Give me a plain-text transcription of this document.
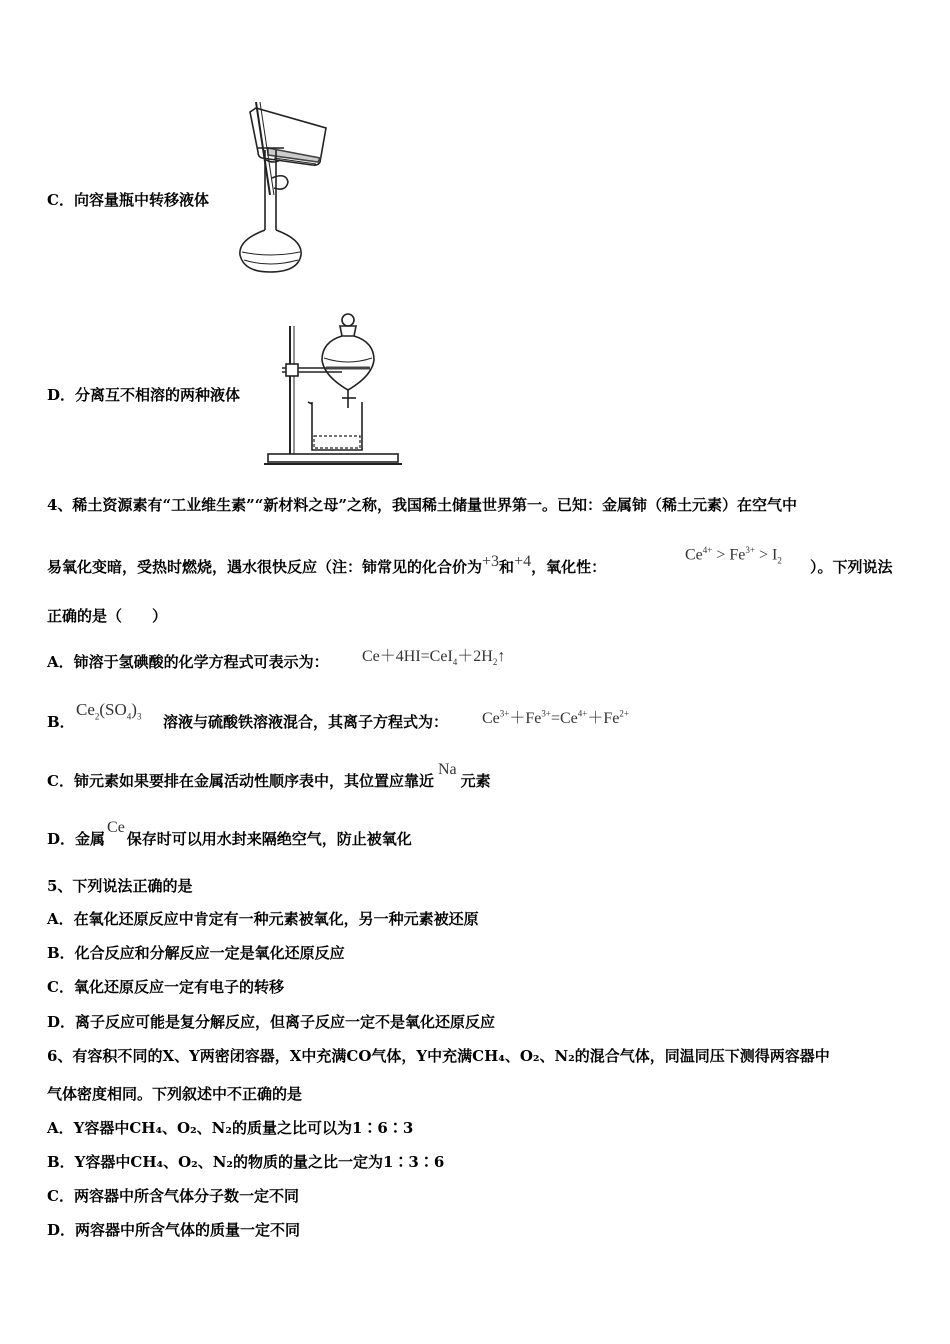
C．向容量瓶中转移液体
D．分离互不相溶的两种液体
4、稀土资源素有“工业维生素”“新材料之母”之称，我国稀土储量世界第一。已知：金属铈（稀土元素）在空气中
易氧化变暗，受热时燃烧，遇水很快反应（注：铈常见的化合价为+3和+4，氧化性：
$Ce^{4+} > Fe^{3+} > I_2$ ）。下列说法
正确的是（　　）
A．铈溶于氢碘酸的化学方程式可表示为： $Ce+4HI=CeI_4+2H_2↑$
B．
$Ce_2(SO_4)_3$ 溶液与硫酸铁溶液混合，其离子方程式为： $Ce^{3+}+Fe^{3+}=Ce^{4+}+Fe^{2+}$
C．铈元素如果要排在金属活动性顺序表中，其位置应靠近Na元素
D．金属Ce保存时可以用水封来隔绝空气，防止被氧化
5、下列说法正确的是
A．在氧化还原反应中肯定有一种元素被氧化，另一种元素被还原
B．化合反应和分解反应一定是氧化还原反应
C．氧化还原反应一定有电子的转移
D．离子反应可能是复分解反应，但离子反应一定不是氧化还原反应
6、有容积不同的X、Y两密闭容器，X中充满CO气体，Y中充满CH₄、O₂、N₂的混合气体，同温同压下测得两容器中
气体密度相同。下列叙述中不正确的是
A．Y容器中CH₄、O₂、N₂的质量之比可以为1∶6∶3
B．Y容器中CH₄、O₂、N₂的物质的量之比一定为1∶3∶6
C．两容器中所含气体分子数一定不同
D．两容器中所含气体的质量一定不同
